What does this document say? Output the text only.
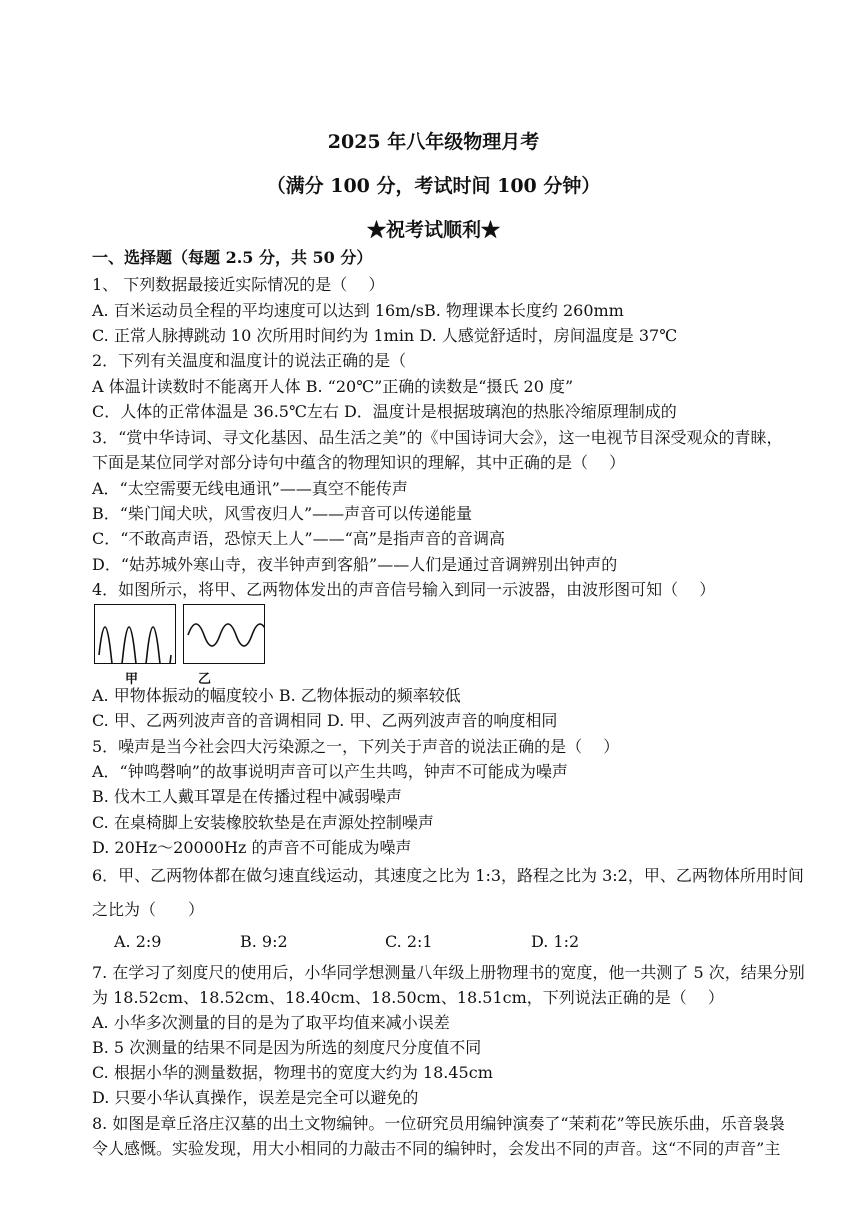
2025 年八年级物理月考
（满分 100 分，考试时间 100 分钟）
★祝考试顺利★
一、选择题（每题 2.5 分，共 50 分）
1、 下列数据最接近实际情况的是（　 ）
A. 百米运动员全程的平均速度可以达到 16m/sB. 物理课本长度约 260mm
C. 正常人脉搏跳动 10 次所用时间约为 1min D. 人感觉舒适时，房间温度是 37℃
2．下列有关温度和温度计的说法正确的是（
A 体温计读数时不能离开人体 B. “20℃”正确的读数是“摄氏 20 度”
C．人体的正常体温是 36.5℃左右 D．温度计是根据玻璃泡的热胀冷缩原理制成的
3．“赏中华诗词、寻文化基因、品生活之美”的《中国诗词大会》，这一电视节目深受观众的青睐，
下面是某位同学对部分诗句中蕴含的物理知识的理解，其中正确的是（　 ）
A．“太空需要无线电通讯”——真空不能传声
B．“柴门闻犬吠，风雪夜归人”——声音可以传递能量
C．“不敢高声语，恐惊天上人”——“高”是指声音的音调高
D．“姑苏城外寒山寺，夜半钟声到客船”——人们是通过音调辨别出钟声的
4．如图所示，将甲、乙两物体发出的声音信号输入到同一示波器，由波形图可知（　 ）
甲	乙
A. 甲物体振动的幅度较小 B. 乙物体振动的频率较低
C. 甲、乙两列波声音的音调相同 D. 甲、乙两列波声音的响度相同
5．噪声是当今社会四大污染源之一，下列关于声音的说法正确的是（　 ）
A．“钟鸣磬响”的故事说明声音可以产生共鸣，钟声不可能成为噪声
B. 伐木工人戴耳罩是在传播过程中减弱噪声
C. 在桌椅脚上安装橡胶软垫是在声源处控制噪声
D. 20Hz～20000Hz 的声音不可能成为噪声
6．甲、乙两物体都在做匀速直线运动，其速度之比为 1:3，路程之比为 3:2，甲、乙两物体所用时间
之比为（　　）
A. 2:9	B. 9:2	C. 2:1	D. 1:2
7. 在学习了刻度尺的使用后，小华同学想测量八年级上册物理书的宽度，他一共测了 5 次，结果分别
为 18.52cm、18.52cm、18.40cm、18.50cm、18.51cm，下列说法正确的是（　 ）
A. 小华多次测量的目的是为了取平均值来减小误差
B. 5 次测量的结果不同是因为所选的刻度尺分度值不同
C. 根据小华的测量数据，物理书的宽度大约为 18.45cm
D. 只要小华认真操作，误差是完全可以避免的
8. 如图是章丘洛庄汉墓的出土文物编钟。一位研究员用编钟演奏了“茉莉花”等民族乐曲，乐音袅袅
令人感慨。实验发现，用大小相同的力敲击不同的编钟时，会发出不同的声音。这“不同的声音”主
